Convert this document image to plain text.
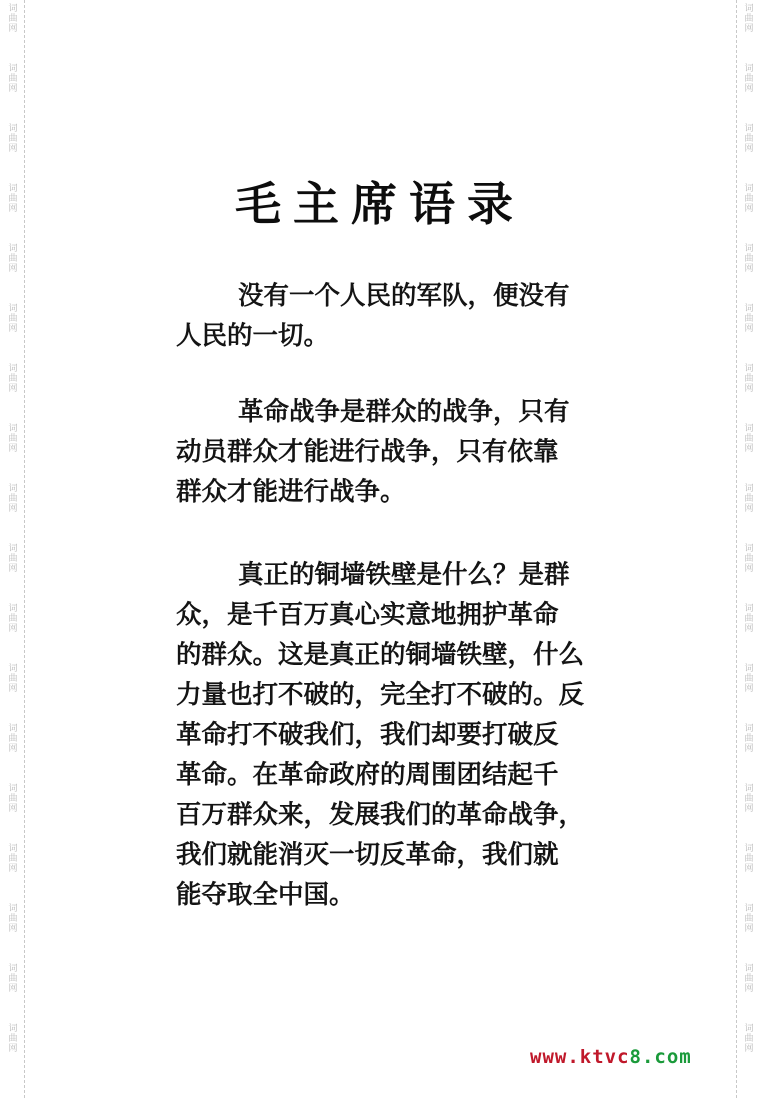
词
曲
网
词
曲
网
词
曲
网
词
曲
网
词
曲
网
词
曲
网
词
曲
网
词
曲
网
词
曲
网
词
曲
网
词
曲
网
词
曲
网
词
曲
网
词
曲
网
词
曲
网
词
曲
网
词
曲
网
词
曲
网
词
曲
网
词
曲
网
词
曲
网
词
曲
网
词
曲
网
词
曲
网
词
曲
网
词
曲
网
词
曲
网
词
曲
网
词
曲
网
词
曲
网
词
曲
网
词
曲
网
词
曲
网
词
曲
网
词
曲
网
词
曲
网
毛主席语录
没有一个人民的军队，便没有
人民的一切。
革命战争是群众的战争，只有
动员群众才能进行战争，只有依靠
群众才能进行战争。
真正的铜墙铁壁是什么？是群
众，是千百万真心实意地拥护革命
的群众。这是真正的铜墙铁壁，什么
力量也打不破的，完全打不破的。反
革命打不破我们，我们却要打破反
革命。在革命政府的周围团结起千
百万群众来，发展我们的革命战争，
我们就能消灭一切反革命，我们就
能夺取全中国。
www.ktvc8.com
